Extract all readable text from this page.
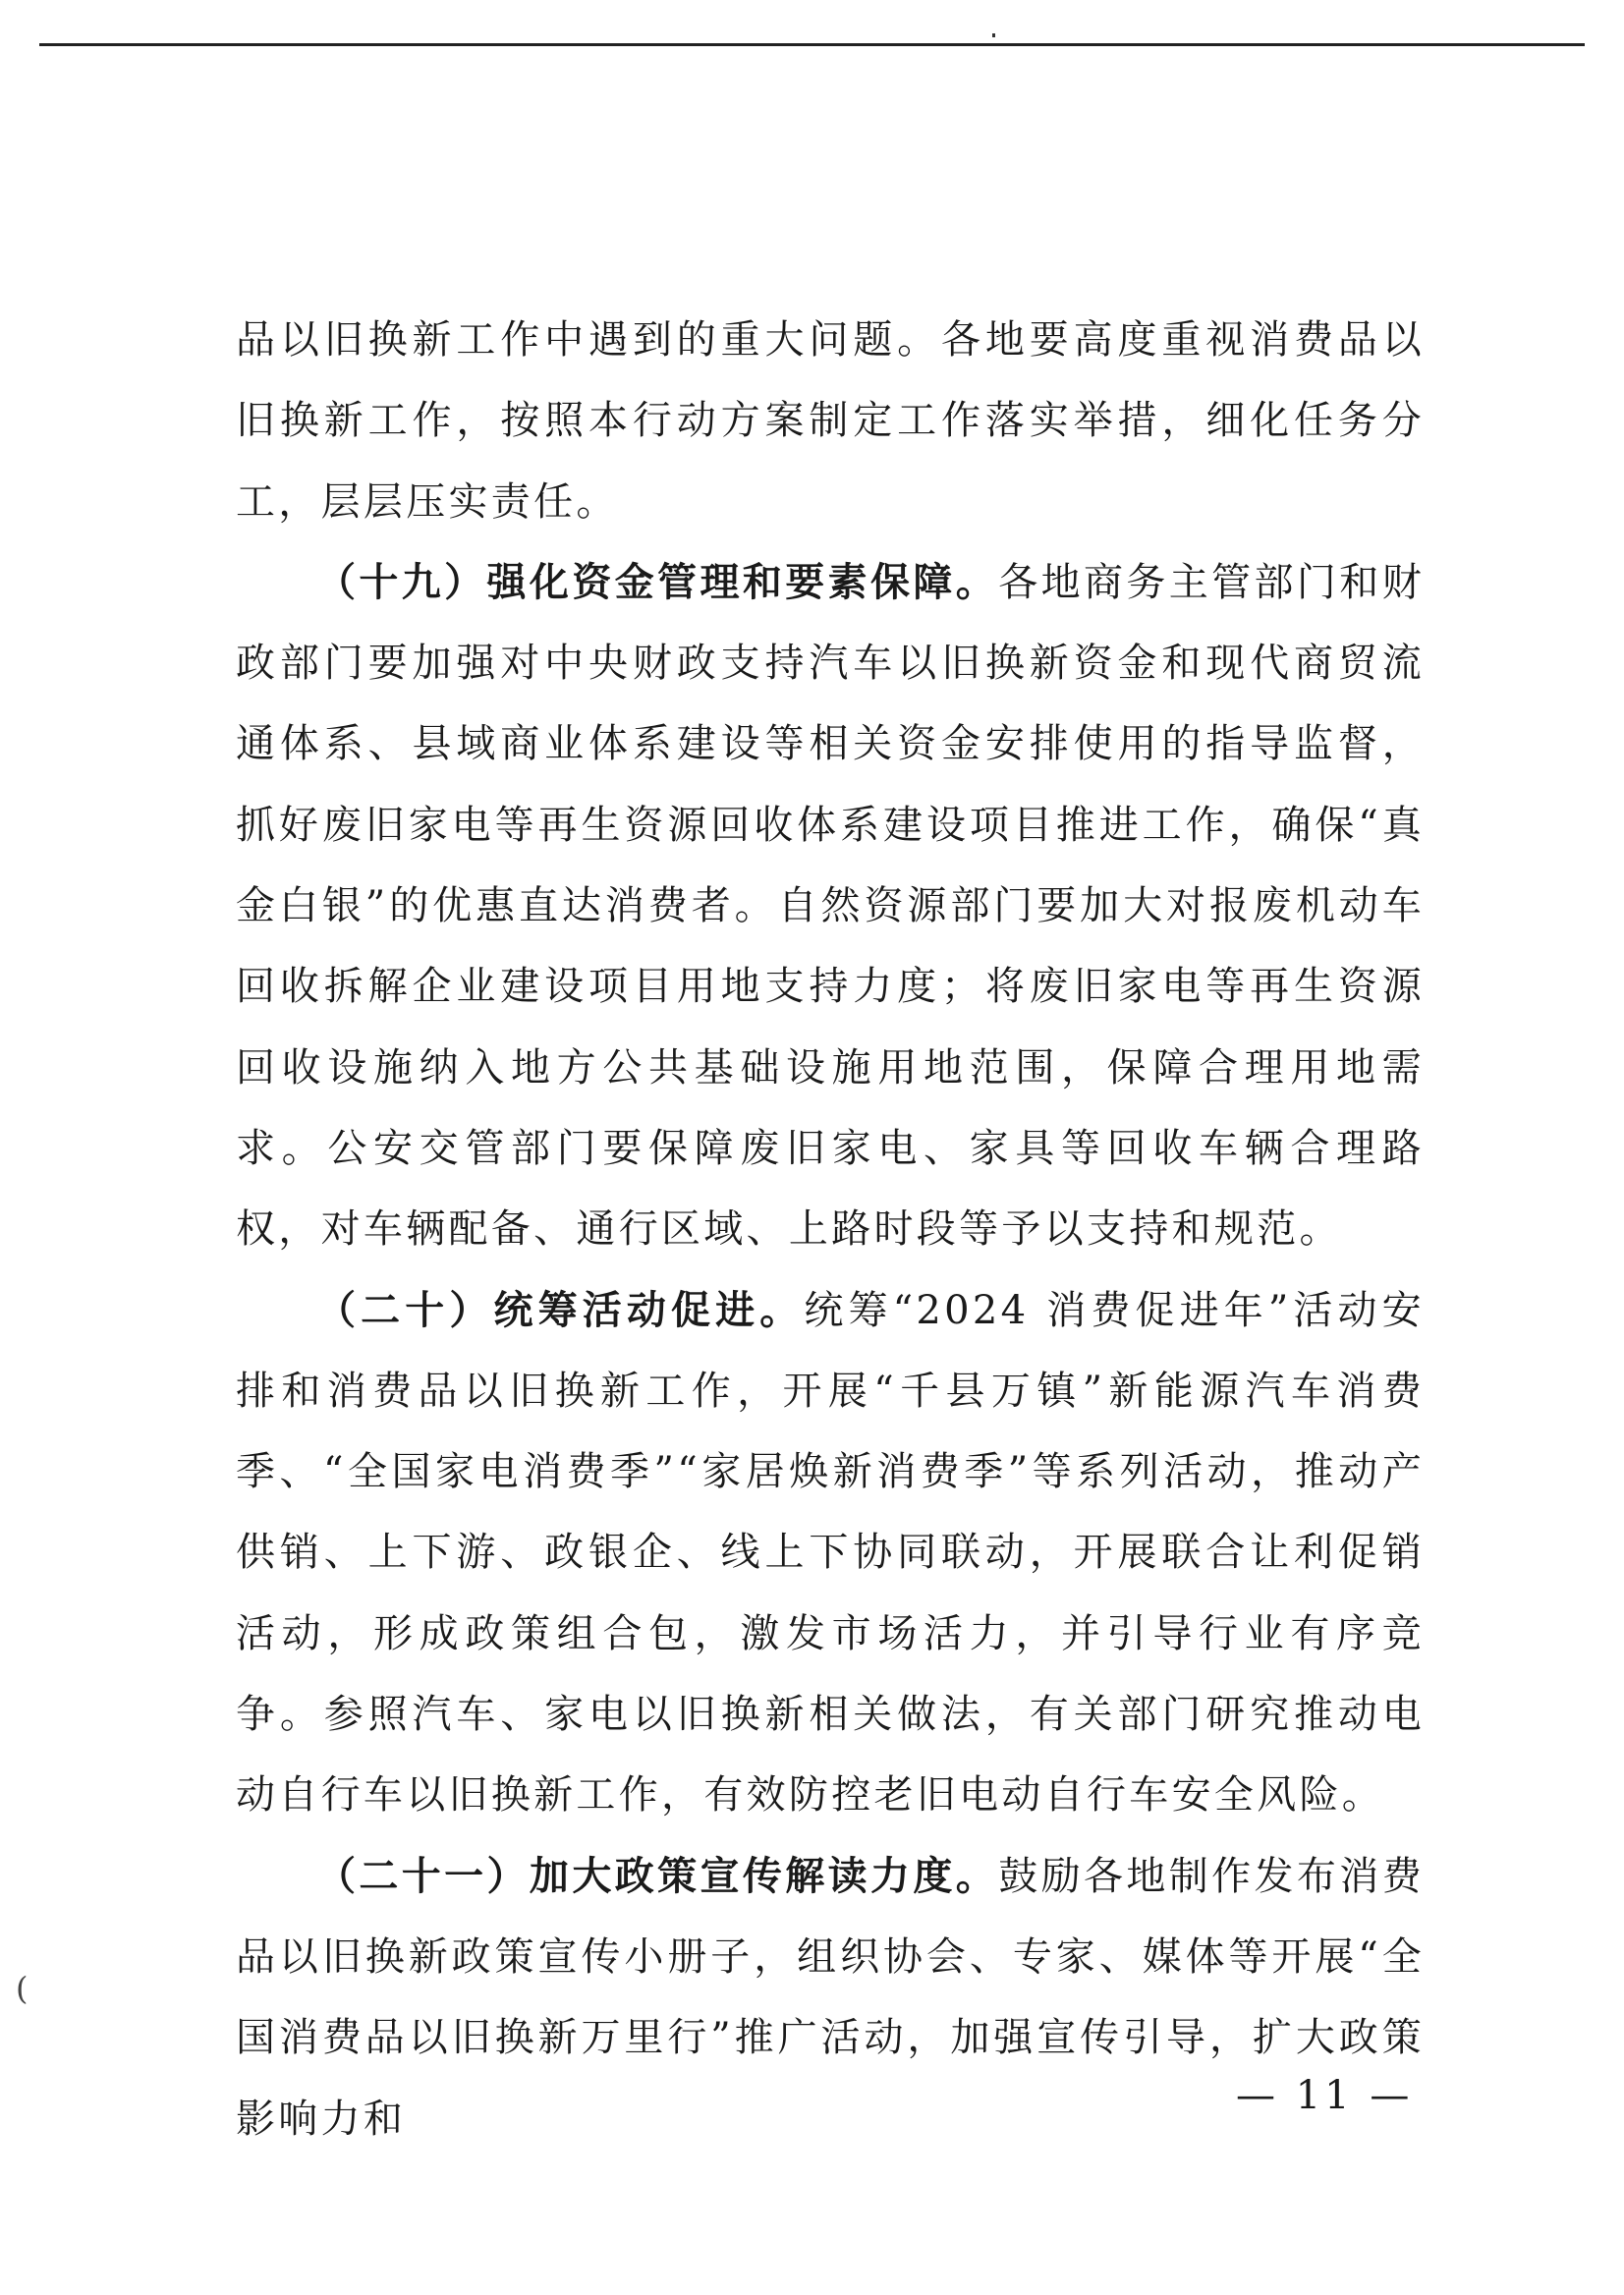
(

品以旧换新工作中遇到的重大问题。各地要高度重视消费品以旧换新工作，按照本行动方案制定工作落实举措，细化任务分工，层层压实责任。

（十九）强化资金管理和要素保障。各地商务主管部门和财政部门要加强对中央财政支持汽车以旧换新资金和现代商贸流通体系、县域商业体系建设等相关资金安排使用的指导监督，抓好废旧家电等再生资源回收体系建设项目推进工作，确保“真金白银”的优惠直达消费者。自然资源部门要加大对报废机动车回收拆解企业建设项目用地支持力度；将废旧家电等再生资源回收设施纳入地方公共基础设施用地范围，保障合理用地需求。公安交管部门要保障废旧家电、家具等回收车辆合理路权，对车辆配备、通行区域、上路时段等予以支持和规范。

（二十）统筹活动促进。统筹“2024 消费促进年”活动安排和消费品以旧换新工作，开展“千县万镇”新能源汽车消费季、“全国家电消费季”“家居焕新消费季”等系列活动，推动产供销、上下游、政银企、线上下协同联动，开展联合让利促销活动，形成政策组合包，激发市场活力，并引导行业有序竞争。参照汽车、家电以旧换新相关做法，有关部门研究推动电动自行车以旧换新工作，有效防控老旧电动自行车安全风险。

（二十一）加大政策宣传解读力度。鼓励各地制作发布消费品以旧换新政策宣传小册子，组织协会、专家、媒体等开展“全国消费品以旧换新万里行”推广活动，加强宣传引导，扩大政策影响力和

— 11 —
